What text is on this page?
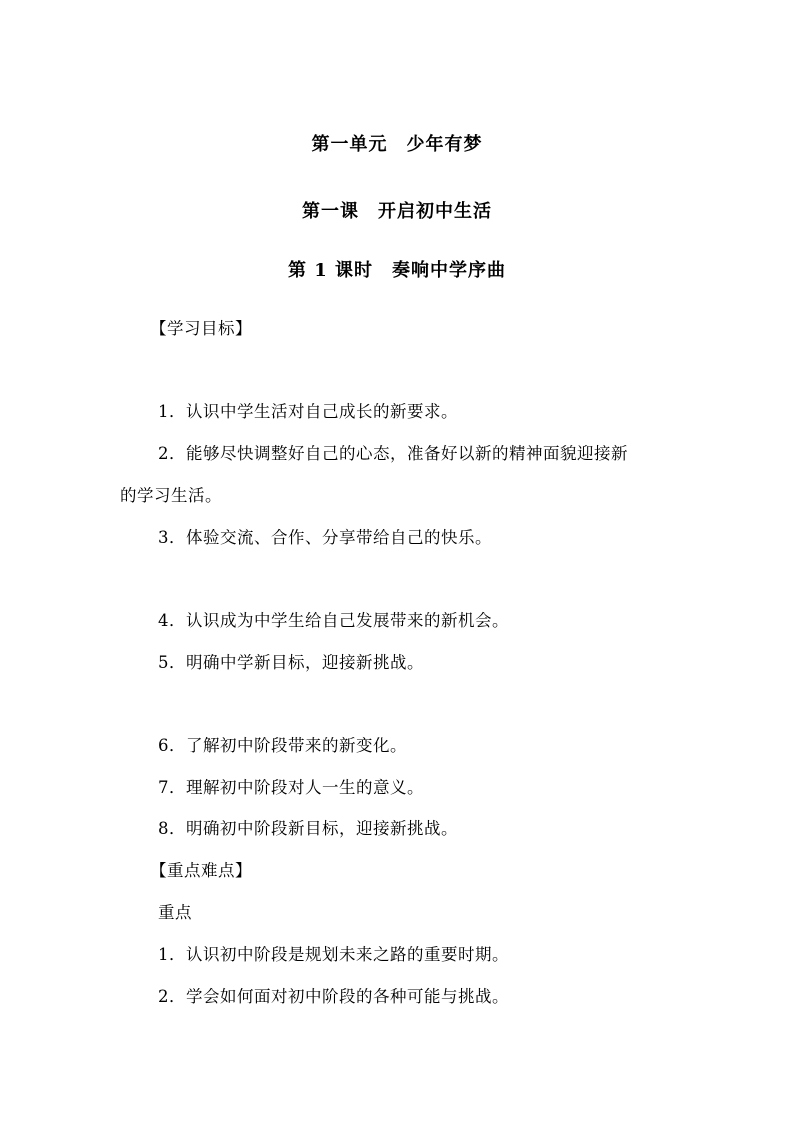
第一单元　少年有梦
第一课　开启初中生活
第 1 课时　奏响中学序曲
【学习目标】
1．认识中学生活对自己成长的新要求。
2．能够尽快调整好自己的心态，准备好以新的精神面貌迎接新
的学习生活。
3．体验交流、合作、分享带给自己的快乐。
4．认识成为中学生给自己发展带来的新机会。
5．明确中学新目标，迎接新挑战。
6．了解初中阶段带来的新变化。
7．理解初中阶段对人一生的意义。
8．明确初中阶段新目标，迎接新挑战。
【重点难点】
重点
1．认识初中阶段是规划未来之路的重要时期。
2．学会如何面对初中阶段的各种可能与挑战。
